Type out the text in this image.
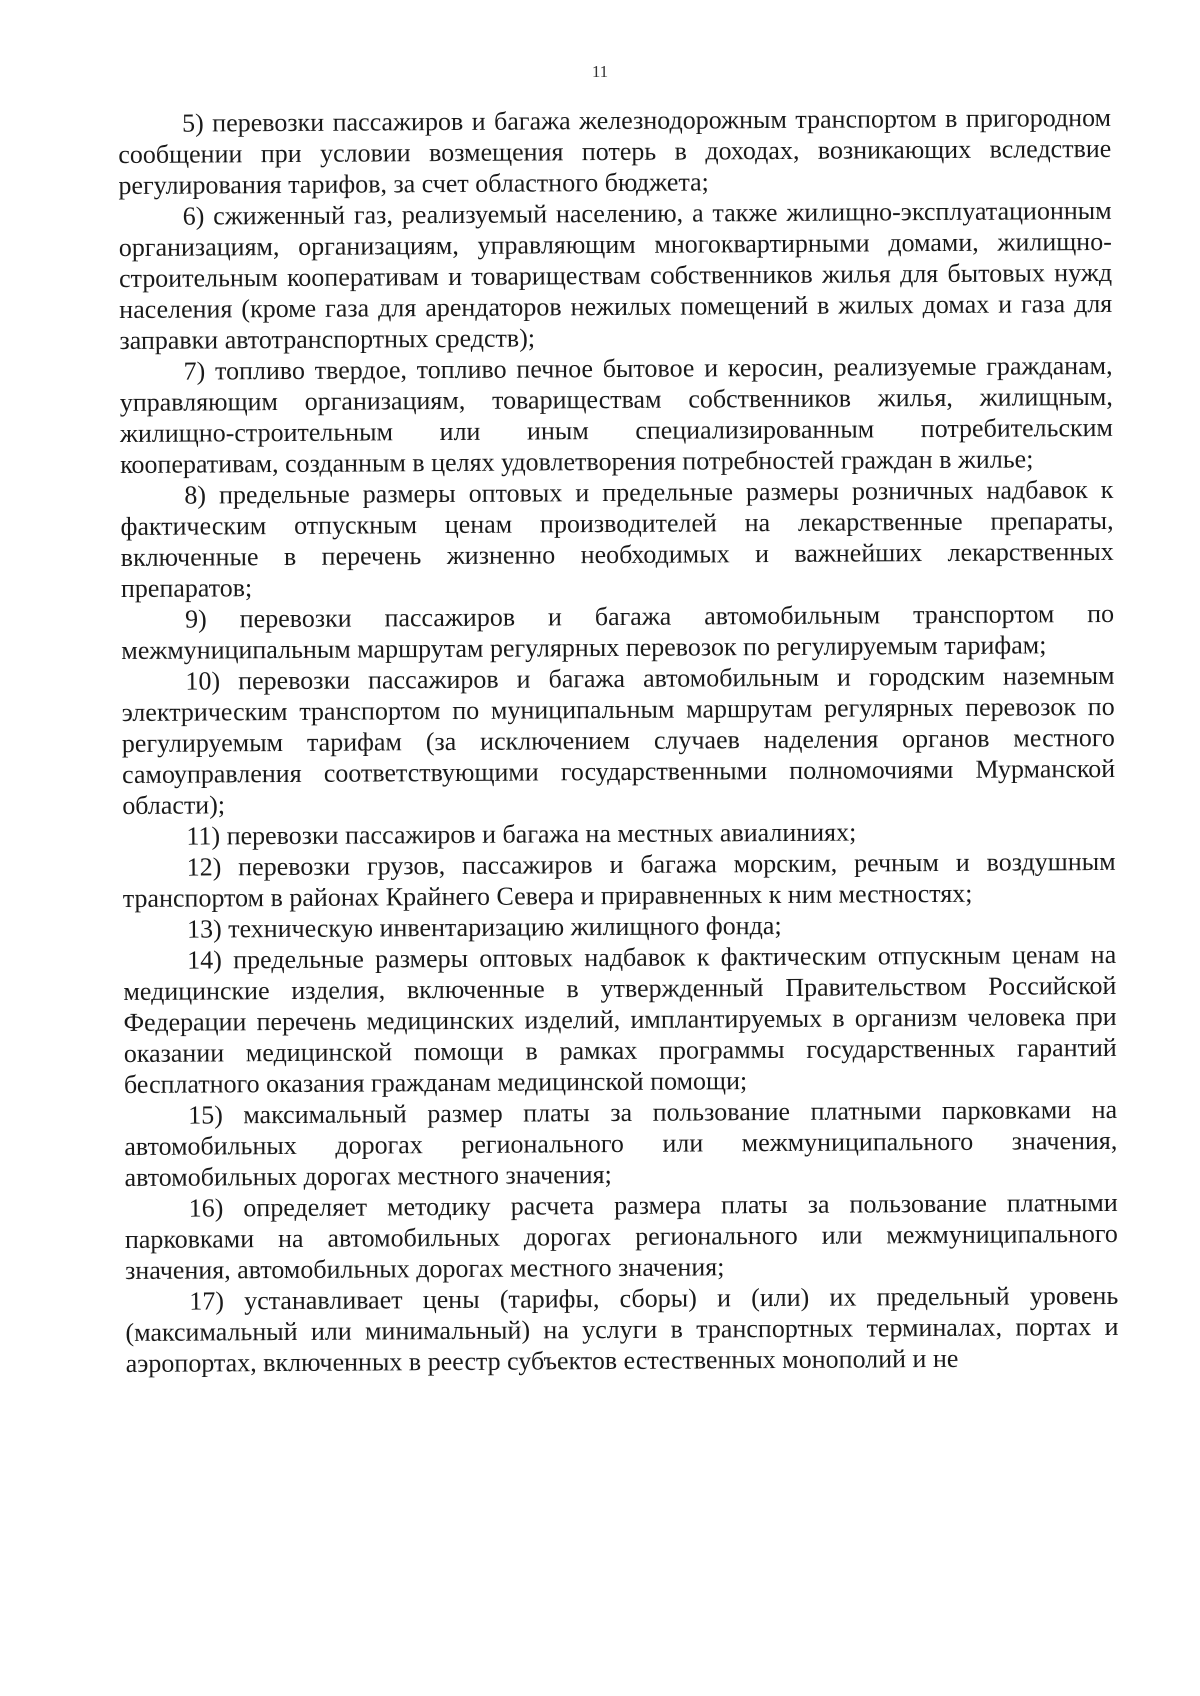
11

5) перевозки пассажиров и багажа железнодорожным транспортом в пригородном сообщении при условии возмещения потерь в доходах, возникающих вследствие регулирования тарифов, за счет областного бюджета;

6) сжиженный газ, реализуемый населению, а также жилищно-эксплуатационным организациям, организациям, управляющим многоквартирными домами, жилищно-строительным кооперативам и товариществам собственников жилья для бытовых нужд населения (кроме газа для арендаторов нежилых помещений в жилых домах и газа для заправки автотранспортных средств);

7) топливо твердое, топливо печное бытовое и керосин, реализуемые гражданам, управляющим организациям, товариществам собственников жилья, жилищным, жилищно-строительным или иным специализированным потребительским кооперативам, созданным в целях удовлетворения потребностей граждан в жилье;

8) предельные размеры оптовых и предельные размеры розничных надбавок к фактическим отпускным ценам производителей на лекарственные препараты, включенные в перечень жизненно необходимых и важнейших лекарственных препаратов;

9) перевозки пассажиров и багажа автомобильным транспортом по межмуниципальным маршрутам регулярных перевозок по регулируемым тарифам;

10) перевозки пассажиров и багажа автомобильным и городским наземным электрическим транспортом по муниципальным маршрутам регулярных перевозок по регулируемым тарифам (за исключением случаев наделения органов местного самоуправления соответствующими государственными полномочиями Мурманской области);

11) перевозки пассажиров и багажа на местных авиалиниях;

12) перевозки грузов, пассажиров и багажа морским, речным и воздушным транспортом в районах Крайнего Севера и приравненных к ним местностях;

13) техническую инвентаризацию жилищного фонда;

14) предельные размеры оптовых надбавок к фактическим отпускным ценам на медицинские изделия, включенные в утвержденный Правительством Российской Федерации перечень медицинских изделий, имплантируемых в организм человека при оказании медицинской помощи в рамках программы государственных гарантий бесплатного оказания гражданам медицинской помощи;

15) максимальный размер платы за пользование платными парковками на автомобильных дорогах регионального или межмуниципального значения, автомобильных дорогах местного значения;

16) определяет методику расчета размера платы за пользование платными парковками на автомобильных дорогах регионального или межмуниципального значения, автомобильных дорогах местного значения;

17) устанавливает цены (тарифы, сборы) и (или) их предельный уровень (максимальный или минимальный) на услуги в транспортных терминалах, портах и аэропортах, включенных в реестр субъектов естественных монополий и не
